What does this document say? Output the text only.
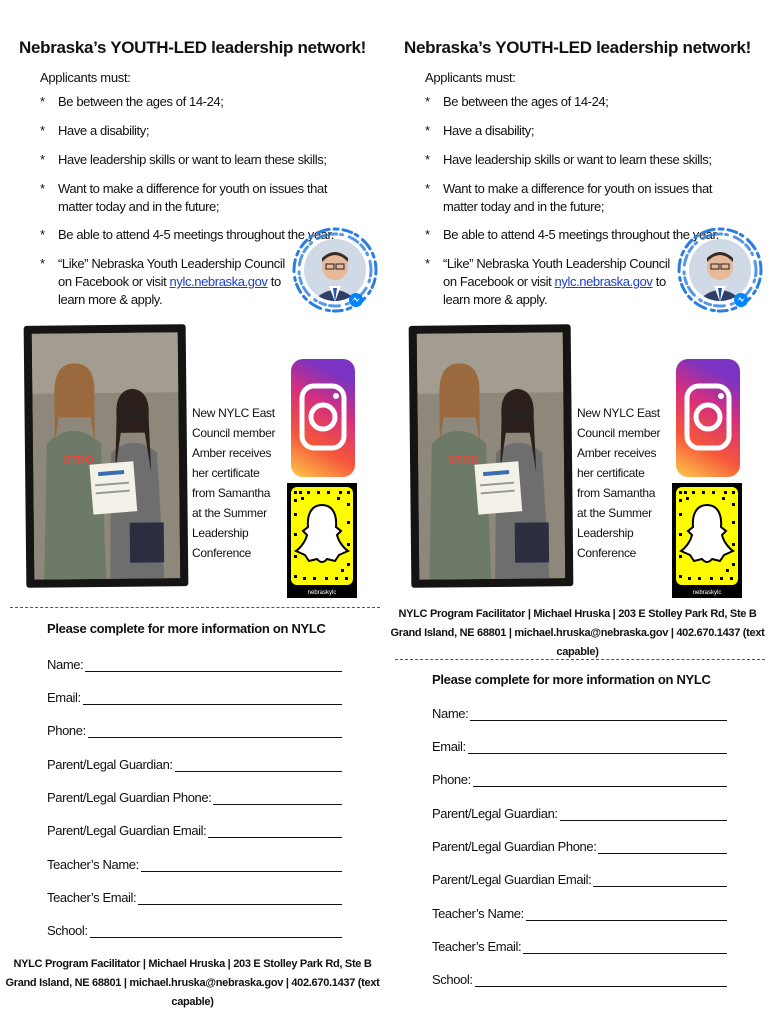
Nebraska’s YOUTH-LED leadership network!
Applicants must:
*	Be between the ages of 14-24;
*	Have a disability;
*	Have leadership skills or want to learn these skills;
*	Want to make a difference for youth on issues that matter today and in the future;
*	Be able to attend 4-5 meetings throughout the year.
*	“Like” Nebraska Youth Leadership Council on Facebook or visit nylc.nebraska.gov to learn more & apply.
STRO
New NYLC East Council member Amber receives her certificate from Samantha at the Summer Leadership Conference
nebraskylc
Please complete for more information on NYLC
Name:
Email:
Phone:
Parent/Legal Guardian:
Parent/Legal Guardian Phone:
Parent/Legal Guardian Email:
Teacher’s Name:
Teacher’s Email:
School:
NYLC Program Facilitator | Michael Hruska | 203 E Stolley Park Rd, Ste B
Grand Island, NE 68801 | michael.hruska@nebraska.gov | 402.670.1437 (text capable)
Nebraska’s YOUTH-LED leadership network!
Applicants must:
*	Be between the ages of 14-24;
*	Have a disability;
*	Have leadership skills or want to learn these skills;
*	Want to make a difference for youth on issues that matter today and in the future;
*	Be able to attend 4-5 meetings throughout the year.
*	“Like” Nebraska Youth Leadership Council on Facebook or visit nylc.nebraska.gov to learn more & apply.
STRO
New NYLC East Council member Amber receives her certificate from Samantha at the Summer Leadership Conference
nebraskylc
NYLC Program Facilitator | Michael Hruska | 203 E Stolley Park Rd, Ste B
Grand Island, NE 68801 | michael.hruska@nebraska.gov | 402.670.1437 (text capable)
Please complete for more information on NYLC
Name:
Email:
Phone:
Parent/Legal Guardian:
Parent/Legal Guardian Phone:
Parent/Legal Guardian Email:
Teacher’s Name:
Teacher’s Email:
School:
